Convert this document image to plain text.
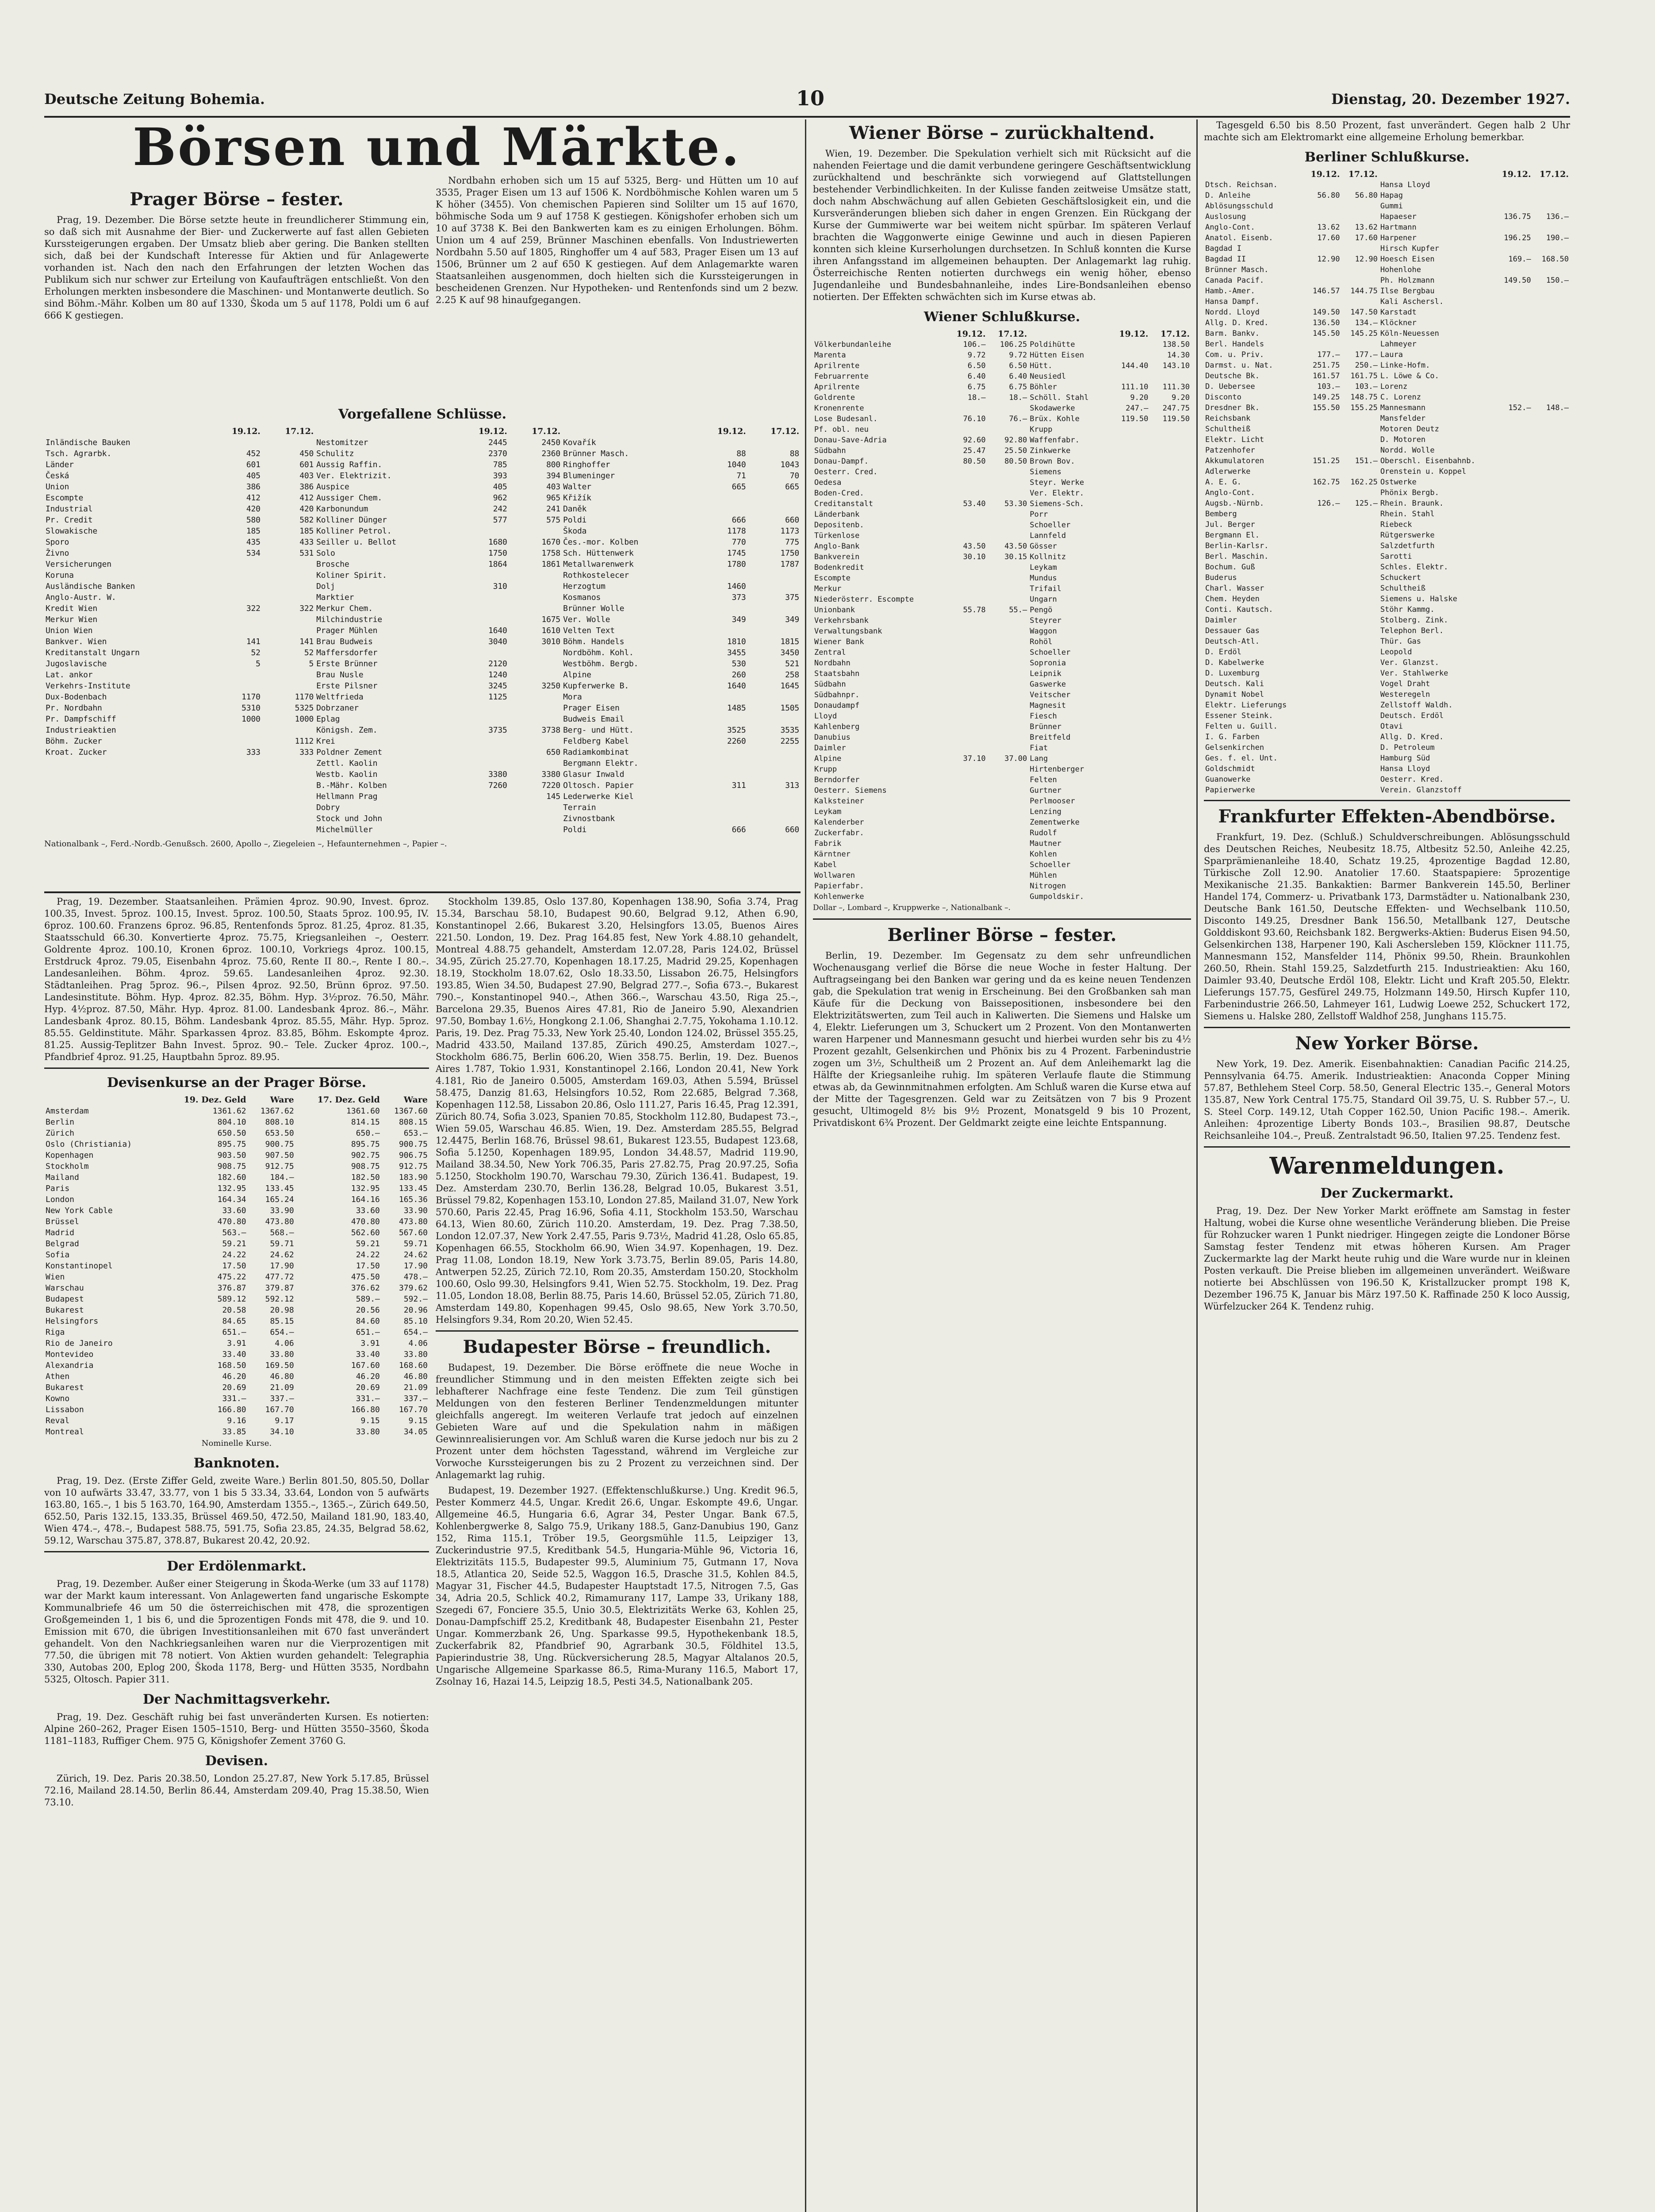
Deutsche Zeitung Bohemia.	10	Dienstag, 20. Dezember 1927.
Börsen und Märkte.
Prager Börse – fester.

Prag, 19. Dezember. Die Börse setzte heute in freundlicherer Stimmung ein, so daß sich mit Ausnahme der Bier- und Zuckerwerte auf fast allen Gebieten Kurssteigerungen ergaben. Der Umsatz blieb aber gering. Die Banken stellten sich, daß bei der Kundschaft Interesse für Aktien und für Anlagewerte vorhanden ist. Nach den nach den Erfahrungen der letzten Wochen das Publikum sich nur schwer zur Erteilung von Kaufaufträgen entschließt. Von den Erholungen merkten insbesondere die Maschinen- und Montanwerte deutlich. So sind Böhm.-Mähr. Kolben um 80 auf 1330, Škoda um 5 auf 1178, Poldi um 6 auf 666 K gestiegen.

Nordbahn erhoben sich um 15 auf 5325, Berg- und Hütten um 10 auf 3535, Prager Eisen um 13 auf 1506 K. Nordböhmische Kohlen waren um 5 K höher (3455). Von chemischen Papieren sind Solilter um 15 auf 1670, böhmische Soda um 9 auf 1758 K gestiegen. Königshofer erhoben sich um 10 auf 3738 K. Bei den Bankwerten kam es zu einigen Erholungen. Böhm. Union um 4 auf 259, Brünner Maschinen ebenfalls. Von Industriewerten Nordbahn 5.50 auf 1805, Ringhoffer um 4 auf 583, Prager Eisen um 13 auf 1506, Brünner um 2 auf 650 K gestiegen. Auf dem Anlagemarkte waren Staatsanleihen ausgenommen, doch hielten sich die Kurssteigerungen in bescheidenen Grenzen. Nur Hypotheken- und Rentenfonds sind um 2 bezw. 2.25 K auf 98 hinaufgegangen.

Vorgefallene Schlüsse.
	19.12.	17.12.		19.12.	17.12.		19.12.	17.12.
Inländische Bauken			Nestomitzer	2445	2450	Kovařík		
Tsch. Agrarbk.	452	450	Schulitz	2370	2360	Brünner Masch.	88	88
Länder	601	601	Aussig Raffin.	785	800	Ringhoffer	1040	1043
Česká	405	403	Ver. Elektrizit.	393	394	Blumeninger	71	70
Union	386	386	Auspice	405	403	Walter	665	665
Escompte	412	412	Aussiger Chem.	962	965	Křižík		
Industrial	420	420	Karbonundum	242	241	Daněk		
Pr. Credit	580	582	Kolliner Dünger	577	575	Poldi	666	660
Slowakische	185	185	Kolliner Petrol.			Škoda	1178	1173
Sporo	435	433	Seiller u. Bellot	1680	1670	Čes.-mor. Kolben	770	775
Živno	534	531	Solo	1750	1758	Sch. Hüttenwerk	1745	1750
Versicherungen			Brosche	1864	1861	Metallwarenwerk	1780	1787
Koruna			Koliner Spirit.			Rothkostelecer		
Ausländische Banken			Dolj	310		Herzogtum	1460	
Anglo-Austr. W.			Marktier			Kosmanos	373	375
Kredit Wien	322	322	Merkur Chem.			Brünner Wolle		
Merkur Wien			Milchindustrie		1675	Ver. Wolle	349	349
Union Wien			Prager Mühlen	1640	1610	Velten Text		
Bankver. Wien	141	141	Brau Budweis	3040	3010	Böhm. Handels	1810	1815
Kreditanstalt Ungarn	52	52	Maffersdorfer			Nordböhm. Kohl.	3455	3450
Jugoslavische	5	5	Erste Brünner	2120		Westböhm. Bergb.	530	521
Lat. ankor			Brau Nusle	1240		Alpine	260	258
Verkehrs-Institute			Erste Pilsner	3245	3250	Kupferwerke B.	1640	1645
Dux-Bodenbach	1170	1170	Weltfrieda	1125		Mora		
Pr. Nordbahn	5310	5325	Dobrzaner			Prager Eisen	1485	1505
Pr. Dampfschiff	1000	1000	Eplag			Budweis Email		
Industrieaktien			Königsh. Zem.	3735	3738	Berg- und Hütt.	3525	3535
Böhm. Zucker		1112	Krei			Feldberg Kabel	2260	2255
Kroat. Zucker	333	333	Poldner Zement		650	Radiamkombinat		
			Zettl. Kaolin			Bergmann Elektr.		
			Westb. Kaolin	3380	3380	Glasur Inwald		
			B.-Mähr. Kolben	7260	7220	Oltosch. Papier	311	313
			Hellmann Prag		145	Lederwerke Kiel		
			Dobry			Terrain		
			Stock und John			Zivnostbank		
			Michelmüller			Poldi	666	660
Nationalbank –, Ferd.-Nordb.-Genußsch. 2600, Apollo –, Ziegeleien –, Hefaunternehmen –, Papier –.

Prag, 19. Dezember. Staatsanleihen. Prämien 4proz. 90.90, Invest. 6proz. 100.35, Invest. 5proz. 100.15, Invest. 5proz. 100.50, Staats 5proz. 100.95, IV. 6proz. 100.60. Franzens 6proz. 96.85, Rentenfonds 5proz. 81.25, 4proz. 81.35, Staatsschuld 66.30. Konvertierte 4proz. 75.75, Kriegsanleihen –, Oesterr. Goldrente 4proz. 100.10, Kronen 6proz. 100.10, Vorkriegs 4proz. 100.15, Erstdruck 4proz. 79.05, Eisenbahn 4proz. 75.60, Rente II 80.–, Rente I 80.–. Landesanleihen. Böhm. 4proz. 59.65. Landesanleihen 4proz. 92.30. Städtanleihen. Prag 5proz. 96.–, Pilsen 4proz. 92.50, Brünn 6proz. 97.50. Landesinstitute. Böhm. Hyp. 4proz. 82.35, Böhm. Hyp. 3½proz. 76.50, Mähr. Hyp. 4½proz. 87.50, Mähr. Hyp. 4proz. 81.00. Landesbank 4proz. 86.–, Mähr. Landesbank 4proz. 80.15, Böhm. Landesbank 4proz. 85.55, Mähr. Hyp. 5proz. 85.55. Geldinstitute. Mähr. Sparkassen 4proz. 83.85, Böhm. Eskompte 4proz. 81.25. Aussig-Teplitzer Bahn Invest. 5proz. 90.– Tele. Zucker 4proz. 100.–, Pfandbrief 4proz. 91.25, Hauptbahn 5proz. 89.95.

Devisenkurse an der Prager Börse.
	19. Dez. Geld	Ware	17. Dez. Geld	Ware
Amsterdam	1361.62	1367.62	1361.60	1367.60
Berlin	804.10	808.10	814.15	808.15
Zürich	650.50	653.50	650.–	653.–
Oslo (Christiania)	895.75	900.75	895.75	900.75
Kopenhagen	903.50	907.50	902.75	906.75
Stockholm	908.75	912.75	908.75	912.75
Mailand	182.60	184.–	182.50	183.90
Paris	132.95	133.45	132.95	133.45
London	164.34	165.24	164.16	165.36
New York Cable	33.60	33.90	33.60	33.90
Brüssel	470.80	473.80	470.80	473.80
Madrid	563.–	568.–	562.60	567.60
Belgrad	59.21	59.71	59.21	59.71
Sofia	24.22	24.62	24.22	24.62
Konstantinopel	17.50	17.90	17.50	17.90
Wien	475.22	477.72	475.50	478.–
Warschau	376.87	379.87	376.62	379.62
Budapest	589.12	592.12	589.–	592.–
Bukarest	20.58	20.98	20.56	20.96
Helsingfors	84.65	85.15	84.60	85.10
Riga	651.–	654.–	651.–	654.–
Rio de Janeiro	3.91	4.06	3.91	4.06
Montevideo	33.40	33.80	33.40	33.80
Alexandria	168.50	169.50	167.60	168.60
Athen	46.20	46.80	46.20	46.80
Bukarest	20.69	21.09	20.69	21.09
Kowno	331.–	337.–	331.–	337.–
Lissabon	166.80	167.70	166.80	167.70
Reval	9.16	9.17	9.15	9.15
Montreal	33.85	34.10	33.80	34.05
Nominelle Kurse.
Banknoten.

Prag, 19. Dez. (Erste Ziffer Geld, zweite Ware.) Berlin 801.50, 805.50, Dollar von 10 aufwärts 33.47, 33.77, von 1 bis 5 33.34, 33.64, London von 5 aufwärts 163.80, 165.–, 1 bis 5 163.70, 164.90, Amsterdam 1355.–, 1365.–, Zürich 649.50, 652.50, Paris 132.15, 133.35, Brüssel 469.50, 472.50, Mailand 181.90, 183.40, Wien 474.–, 478.–, Budapest 588.75, 591.75, Sofia 23.85, 24.35, Belgrad 58.62, 59.12, Warschau 375.87, 378.87, Bukarest 20.42, 20.92.

Der Erdölenmarkt.

Prag, 19. Dezember. Außer einer Steigerung in Škoda-Werke (um 33 auf 1178) war der Markt kaum interessant. Von Anlagewerten fand ungarische Eskompte Kommunalbriefe 46 um 50 die österreichischen mit 478, die sprozentigen Großgemeinden 1, 1 bis 6, und die 5prozentigen Fonds mit 478, die 9. und 10. Emission mit 670, die übrigen Investitionsanleihen mit 670 fast unverändert gehandelt. Von den Nachkriegsanleihen waren nur die Vierprozentigen mit 77.50, die übrigen mit 78 notiert. Von Aktien wurden gehandelt: Telegraphia 330, Autobas 200, Eplog 200, Škoda 1178, Berg- und Hütten 3535, Nordbahn 5325, Oltosch. Papier 311.

Der Nachmittagsverkehr.

Prag, 19. Dez. Geschäft ruhig bei fast unveränderten Kursen. Es notierten: Alpine 260–262, Prager Eisen 1505–1510, Berg- und Hütten 3550–3560, Škoda 1181–1183, Ruffiger Chem. 975 G, Königshofer Zement 3760 G.

Devisen.

Zürich, 19. Dez. Paris 20.38.50, London 25.27.87, New York 5.17.85, Brüssel 72.16, Mailand 28.14.50, Berlin 86.44, Amsterdam 209.40, Prag 15.38.50, Wien 73.10.

Stockholm 139.85, Oslo 137.80, Kopenhagen 138.90, Sofia 3.74, Prag 15.34, Barschau 58.10, Budapest 90.60, Belgrad 9.12, Athen 6.90, Konstantinopel 2.66, Bukarest 3.20, Helsingfors 13.05, Buenos Aires 221.50. London, 19. Dez. Prag 164.85 fest, New York 4.88.10 gehandelt, Montreal 4.88.75 gehandelt, Amsterdam 12.07.28, Paris 124.02, Brüssel 34.95, Zürich 25.27.70, Kopenhagen 18.17.25, Madrid 29.25, Kopenhagen 18.19, Stockholm 18.07.62, Oslo 18.33.50, Lissabon 26.75, Helsingfors 193.85, Wien 34.50, Budapest 27.90, Belgrad 277.–, Sofia 673.–, Bukarest 790.–, Konstantinopel 940.–, Athen 366.–, Warschau 43.50, Riga 25.–, Barcelona 29.35, Buenos Aires 47.81, Rio de Janeiro 5.90, Alexandrien 97.50, Bombay 1.6½, Hongkong 2.1.06, Shanghai 2.7.75, Yokohama 1.10.12. Paris, 19. Dez. Prag 75.33, New York 25.40, London 124.02, Brüssel 355.25, Madrid 433.50, Mailand 137.85, Zürich 490.25, Amsterdam 1027.–, Stockholm 686.75, Berlin 606.20, Wien 358.75. Berlin, 19. Dez. Buenos Aires 1.787, Tokio 1.931, Konstantinopel 2.166, London 20.41, New York 4.181, Rio de Janeiro 0.5005, Amsterdam 169.03, Athen 5.594, Brüssel 58.475, Danzig 81.63, Helsingfors 10.52, Rom 22.685, Belgrad 7.368, Kopenhagen 112.58, Lissabon 20.86, Oslo 111.27, Paris 16.45, Prag 12.391, Zürich 80.74, Sofia 3.023, Spanien 70.85, Stockholm 112.80, Budapest 73.–, Wien 59.05, Warschau 46.85. Wien, 19. Dez. Amsterdam 285.55, Belgrad 12.4475, Berlin 168.76, Brüssel 98.61, Bukarest 123.55, Budapest 123.68, Sofia 5.1250, Kopenhagen 189.95, London 34.48.57, Madrid 119.90, Mailand 38.34.50, New York 706.35, Paris 27.82.75, Prag 20.97.25, Sofia 5.1250, Stockholm 190.70, Warschau 79.30, Zürich 136.41. Budapest, 19. Dez. Amsterdam 230.70, Berlin 136.28, Belgrad 10.05, Bukarest 3.51, Brüssel 79.82, Kopenhagen 153.10, London 27.85, Mailand 31.07, New York 570.60, Paris 22.45, Prag 16.96, Sofia 4.11, Stockholm 153.50, Warschau 64.13, Wien 80.60, Zürich 110.20. Amsterdam, 19. Dez. Prag 7.38.50, London 12.07.37, New York 2.47.55, Paris 9.73½, Madrid 41.28, Oslo 65.85, Kopenhagen 66.55, Stockholm 66.90, Wien 34.97. Kopenhagen, 19. Dez. Prag 11.08, London 18.19, New York 3.73.75, Berlin 89.05, Paris 14.80, Antwerpen 52.25, Zürich 72.10, Rom 20.35, Amsterdam 150.20, Stockholm 100.60, Oslo 99.30, Helsingfors 9.41, Wien 52.75. Stockholm, 19. Dez. Prag 11.05, London 18.08, Berlin 88.75, Paris 14.60, Brüssel 52.05, Zürich 71.80, Amsterdam 149.80, Kopenhagen 99.45, Oslo 98.65, New York 3.70.50, Helsingfors 9.34, Rom 20.20, Wien 52.45.

Budapester Börse – freundlich.

Budapest, 19. Dezember. Die Börse eröffnete die neue Woche in freundlicher Stimmung und in den meisten Effekten zeigte sich bei lebhafterer Nachfrage eine feste Tendenz. Die zum Teil günstigen Meldungen von den festeren Berliner Tendenzmeldungen mitunter gleichfalls angeregt. Im weiteren Verlaufe trat jedoch auf einzelnen Gebieten Ware auf und die Spekulation nahm in mäßigen Gewinnrealisierungen vor. Am Schluß waren die Kurse jedoch nur bis zu 2 Prozent unter dem höchsten Tagesstand, während im Vergleiche zur Vorwoche Kurssteigerungen bis zu 2 Prozent zu verzeichnen sind. Der Anlagemarkt lag ruhig.

Budapest, 19. Dezember 1927. (Effektenschlußkurse.) Ung. Kredit 96.5, Pester Kommerz 44.5, Ungar. Kredit 26.6, Ungar. Eskompte 49.6, Ungar. Allgemeine 46.5, Hungaria 6.6, Agrar 34, Pester Ungar. Bank 67.5, Kohlenbergwerke 8, Salgo 75.9, Urikany 188.5, Ganz-Danubius 190, Ganz 152, Rima 115.1, Tröber 19.5, Georgsmühle 11.5, Leipziger 13, Zuckerindustrie 97.5, Kreditbank 54.5, Hungaria-Mühle 96, Victoria 16, Elektrizitäts 115.5, Budapester 99.5, Aluminium 75, Gutmann 17, Nova 18.5, Atlantica 20, Seide 52.5, Waggon 16.5, Drasche 31.5, Kohlen 84.5, Magyar 31, Fischer 44.5, Budapester Hauptstadt 17.5, Nitrogen 7.5, Gas 34, Adria 20.5, Schlick 40.2, Rimamurany 117, Lampe 33, Urikany 188, Szegedi 67, Fonciere 35.5, Unio 30.5, Elektrizitäts Werke 63, Kohlen 25, Donau-Dampfschiff 25.2, Kreditbank 48, Budapester Eisenbahn 21, Pester Ungar. Kommerzbank 26, Ung. Sparkasse 99.5, Hypothekenbank 18.5, Zuckerfabrik 82, Pfandbrief 90, Agrarbank 30.5, Földhitel 13.5, Papierindustrie 38, Ung. Rückversicherung 28.5, Magyar Altalanos 20.5, Ungarische Allgemeine Sparkasse 86.5, Rima-Murany 116.5, Mabort 17, Zsolnay 16, Hazai 14.5, Leipzig 18.5, Pesti 34.5, Nationalbank 205.

Wiener Börse – zurückhaltend.

Wien, 19. Dezember. Die Spekulation verhielt sich mit Rücksicht auf die nahenden Feiertage und die damit verbundene geringere Geschäftsentwicklung zurückhaltend und beschränkte sich vorwiegend auf Glattstellungen bestehender Verbindlichkeiten. In der Kulisse fanden zeitweise Umsätze statt, doch nahm Abschwächung auf allen Gebieten Geschäftslosigkeit ein, und die Kursveränderungen blieben sich daher in engen Grenzen. Ein Rückgang der Kurse der Gummiwerte war bei weitem nicht spürbar. Im späteren Verlauf brachten die Waggonwerte einige Gewinne und auch in diesen Papieren konnten sich kleine Kurserholungen durchsetzen. In Schluß konnten die Kurse ihren Anfangsstand im allgemeinen behaupten. Der Anlagemarkt lag ruhig. Österreichische Renten notierten durchwegs ein wenig höher, ebenso Jugendanleihe und Bundesbahnanleihe, indes Lire-Bondsanleihen ebenso notierten. Der Effekten schwächten sich im Kurse etwas ab.

Wiener Schlußkurse.
	19.12.	17.12.		19.12.	17.12.
Völkerbundanleihe	106.–	106.25	Poldihütte		138.50
Marenta	9.72	9.72	Hütten Eisen		14.30
Aprilrente	6.50	6.50	Hütt.	144.40	143.10
Februarrente	6.40	6.40	Neusiedl		
Aprilrente	6.75	6.75	Böhler	111.10	111.30
Goldrente	18.–	18.–	Schöll. Stahl	9.20	9.20
Kronenrente			Skodawerke	247.–	247.75
Lose Budesanl.	76.10	76.–	Brüx. Kohle	119.50	119.50
Pf. obl. neu			Krupp		
Donau-Save-Adria	92.60	92.80	Waffenfabr.		
Südbahn	25.47	25.50	Zinkwerke		
Donau-Dampf.	80.50	80.50	Brown Bov.		
Oesterr. Cred.			Siemens		
Oedesa			Steyr. Werke		
Boden-Cred.			Ver. Elektr.		
Creditanstalt	53.40	53.30	Siemens-Sch.		
Länderbank			Porr		
Depositenb.			Schoeller		
Türkenlose			Lannfeld		
Anglo-Bank	43.50	43.50	Gösser		
Bankverein	30.10	30.15	Kollnitz		
Bodenkredit			Leykam		
Escompte			Mundus		
Merkur			Trifail		
Niederösterr. Escompte			Ungarn		
Unionbank	55.78	55.–	Pengö		
Verkehrsbank			Steyrer		
Verwaltungsbank			Waggon		
Wiener Bank			Rohöl		
Zentral			Schoeller		
Nordbahn			Sopronia		
Staatsbahn			Leipnik		
Südbahn			Gaswerke		
Südbahnpr.			Veitscher		
Donaudampf			Magnesit		
Lloyd			Fiesch		
Kahlenberg			Brünner		
Danubius			Breitfeld		
Daimler			Fiat		
Alpine	37.10	37.00	Lang		
Krupp			Hirtenberger		
Berndorfer			Felten		
Oesterr. Siemens			Gurtner		
Kalksteiner			Perlmooser		
Leykam			Lenzing		
Kalenderber			Zementwerke		
Zuckerfabr.			Rudolf		
Fabrik			Mautner		
Kärntner			Kohlen		
Kabel			Schoeller		
Wollwaren			Mühlen		
Papierfabr.			Nitrogen		
Kohlenwerke			Gumpoldskir.		
Dollar –, Lombard –, Kruppwerke –, Nationalbank –.
Berliner Börse – fester.

Berlin, 19. Dezember. Im Gegensatz zu dem sehr unfreundlichen Wochenausgang verlief die Börse die neue Woche in fester Haltung. Der Auftragseingang bei den Banken war gering und da es keine neuen Tendenzen gab, die Spekulation trat wenig in Erscheinung. Bei den Großbanken sah man Käufe für die Deckung von Baissepositionen, insbesondere bei den Elektrizitätswerten, zum Teil auch in Kaliwerten. Die Siemens und Halske um 4, Elektr. Lieferungen um 3, Schuckert um 2 Prozent. Von den Montanwerten waren Harpener und Mannesmann gesucht und hierbei wurden sehr bis zu 4½ Prozent gezahlt, Gelsenkirchen und Phönix bis zu 4 Prozent. Farbenindustrie zogen um 3½, Schultheiß um 2 Prozent an. Auf dem Anleihemarkt lag die Hälfte der Kriegsanleihe ruhig. Im späteren Verlaufe flaute die Stimmung etwas ab, da Gewinnmitnahmen erfolgten. Am Schluß waren die Kurse etwa auf der Mitte der Tagesgrenzen. Geld war zu Zeitsätzen von 7 bis 9 Prozent gesucht, Ultimogeld 8½ bis 9½ Prozent, Monatsgeld 9 bis 10 Prozent, Privatdiskont 6¾ Prozent. Der Geldmarkt zeigte eine leichte Entspannung.

Tagesgeld 6.50 bis 8.50 Prozent, fast unverändert. Gegen halb 2 Uhr machte sich am Elektromarkt eine allgemeine Erholung bemerkbar.

Berliner Schlußkurse.
	19.12.	17.12.		19.12.	17.12.
Dtsch. Reichsan.			Hansa Lloyd		
D. Anleihe	56.80	56.80	Hapag		
Ablösungsschuld			Gummi		
Auslosung			Hapaeser	136.75	136.–
Anglo-Cont.	13.62	13.62	Hartmann		
Anatol. Eisenb.	17.60	17.60	Harpener	196.25	190.–
Bagdad I			Hirsch Kupfer		
Bagdad II	12.90	12.90	Hoesch Eisen	169.–	168.50
Brünner Masch.			Hohenlohe		
Canada Pacif.			Ph. Holzmann	149.50	150.–
Hamb.-Amer.	146.57	144.75	Ilse Bergbau		
Hansa Dampf.			Kali Aschersl.		
Nordd. Lloyd	149.50	147.50	Karstadt		
Allg. D. Kred.	136.50	134.–	Klöckner		
Barm. Bankv.	145.50	145.25	Köln-Neuessen		
Berl. Handels			Lahmeyer		
Com. u. Priv.	177.–	177.–	Laura		
Darmst. u. Nat.	251.75	250.–	Linke-Hofm.		
Deutsche Bk.	161.57	161.75	L. Löwe & Co.		
D. Uebersee	103.–	103.–	Lorenz		
Disconto	149.25	148.75	C. Lorenz		
Dresdner Bk.	155.50	155.25	Mannesmann	152.–	148.–
Reichsbank			Mansfelder		
Schultheiß			Motoren Deutz		
Elektr. Licht			D. Motoren		
Patzenhofer			Nordd. Wolle		
Akkumulatoren	151.25	151.–	Oberschl. Eisenbahnb.		
Adlerwerke			Orenstein u. Koppel		
A. E. G.	162.75	162.25	Ostwerke		
Anglo-Cont.			Phönix Bergb.		
Augsb.-Nürnb.	126.–	125.–	Rhein. Braunk.		
Bemberg			Rhein. Stahl		
Jul. Berger			Riebeck		
Bergmann El.			Rütgerswerke		
Berlin-Karlsr.			Salzdetfurth		
Berl. Maschin.			Sarotti		
Bochum. Guß			Schles. Elektr.		
Buderus			Schuckert		
Charl. Wasser			Schultheiß		
Chem. Heyden			Siemens u. Halske		
Conti. Kautsch.			Stöhr Kammg.		
Daimler			Stolberg. Zink.		
Dessauer Gas			Telephon Berl.		
Deutsch-Atl.			Thür. Gas		
D. Erdöl			Leopold		
D. Kabelwerke			Ver. Glanzst.		
D. Luxemburg			Ver. Stahlwerke		
Deutsch. Kali			Vogel Draht		
Dynamit Nobel			Westeregeln		
Elektr. Lieferungs			Zellstoff Waldh.		
Essener Steink.			Deutsch. Erdöl		
Felten u. Guill.			Otavi		
I. G. Farben			Allg. D. Kred.		
Gelsenkirchen			D. Petroleum		
Ges. f. el. Unt.			Hamburg Süd		
Goldschmidt			Hansa Lloyd		
Guanowerke			Oesterr. Kred.		
Papierwerke			Verein. Glanzstoff		
Frankfurter Effekten-Abendbörse.

Frankfurt, 19. Dez. (Schluß.) Schuldverschreibungen. Ablösungsschuld des Deutschen Reiches, Neubesitz 18.75, Altbesitz 52.50, Anleihe 42.25, Sparprämienanleihe 18.40, Schatz 19.25, 4prozentige Bagdad 12.80, Türkische Zoll 12.90. Anatolier 17.60. Staatspapiere: 5prozentige Mexikanische 21.35. Bankaktien: Barmer Bankverein 145.50, Berliner Handel 174, Commerz- u. Privatbank 173, Darmstädter u. Nationalbank 230, Deutsche Bank 161.50, Deutsche Effekten- und Wechselbank 110.50, Disconto 149.25, Dresdner Bank 156.50, Metallbank 127, Deutsche Golddiskont 93.60, Reichsbank 182. Bergwerks-Aktien: Buderus Eisen 94.50, Gelsenkirchen 138, Harpener 190, Kali Aschersleben 159, Klöckner 111.75, Mannesmann 152, Mansfelder 114, Phönix 99.50, Rhein. Braunkohlen 260.50, Rhein. Stahl 159.25, Salzdetfurth 215. Industrieaktien: Aku 160, Daimler 93.40, Deutsche Erdöl 108, Elektr. Licht und Kraft 205.50, Elektr. Lieferungs 157.75, Gesfürel 249.75, Holzmann 149.50, Hirsch Kupfer 110, Farbenindustrie 266.50, Lahmeyer 161, Ludwig Loewe 252, Schuckert 172, Siemens u. Halske 280, Zellstoff Waldhof 258, Junghans 115.75.

New Yorker Börse.

New York, 19. Dez. Amerik. Eisenbahnaktien: Canadian Pacific 214.25, Pennsylvania 64.75. Amerik. Industrieaktien: Anaconda Copper Mining 57.87, Bethlehem Steel Corp. 58.50, General Electric 135.–, General Motors 135.87, New York Central 175.75, Standard Oil 39.75, U. S. Rubber 57.–, U. S. Steel Corp. 149.12, Utah Copper 162.50, Union Pacific 198.–. Amerik. Anleihen: 4prozentige Liberty Bonds 103.–, Brasilien 98.87, Deutsche Reichsanleihe 104.–, Preuß. Zentralstadt 96.50, Italien 97.25. Tendenz fest.

Warenmeldungen.
Der Zuckermarkt.

Prag, 19. Dez. Der New Yorker Markt eröffnete am Samstag in fester Haltung, wobei die Kurse ohne wesentliche Veränderung blieben. Die Preise für Rohzucker waren 1 Punkt niedriger. Hingegen zeigte die Londoner Börse Samstag fester Tendenz mit etwas höheren Kursen. Am Prager Zuckermarkte lag der Markt heute ruhig und die Ware wurde nur in kleinen Posten verkauft. Die Preise blieben im allgemeinen unverändert. Weißware notierte bei Abschlüssen von 196.50 K, Kristallzucker prompt 198 K, Dezember 196.75 K, Januar bis März 197.50 K. Raffinade 250 K loco Aussig, Würfelzucker 264 K. Tendenz ruhig.
